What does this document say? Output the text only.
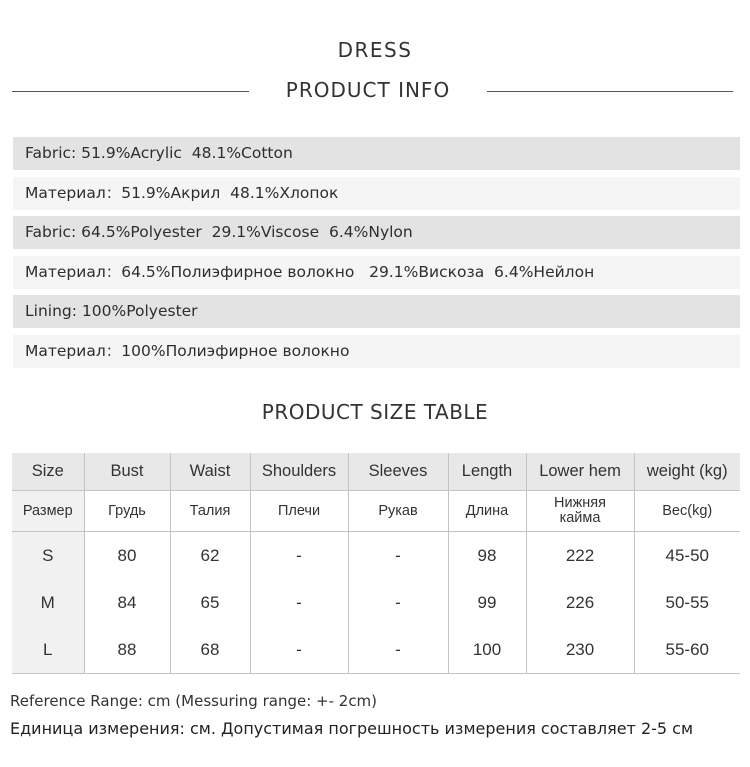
DRESS
PRODUCT INFO
Fabric: 51.9%Acrylic  48.1%Cotton
Материал：51.9%Акрил  48.1%Хлопок
Fabric: 64.5%Polyester  29.1%Viscose  6.4%Nylon
Материал：64.5%Полиэфирное волокно   29.1%Вискоза  6.4%Нейлон
Lining: 100%Polyester
Материал：100%Полиэфирное волокно
PRODUCT SIZE TABLE
Size	Bust	Waist	Shoulders	Sleeves	Length	Lower hem	weight (kg)
Размер	Грудь	Талия	Плечи	Рукав	Длина	Нижняя кайма	Вес(kg)
S	80	62	-	-	98	222	45-50
M	84	65	-	-	99	226	50-55
L	88	68	-	-	100	230	55-60
Reference Range: cm (Messuring range: +- 2cm)
Единица измерения: см. Допустимая погрешность измерения составляет 2-5 см
